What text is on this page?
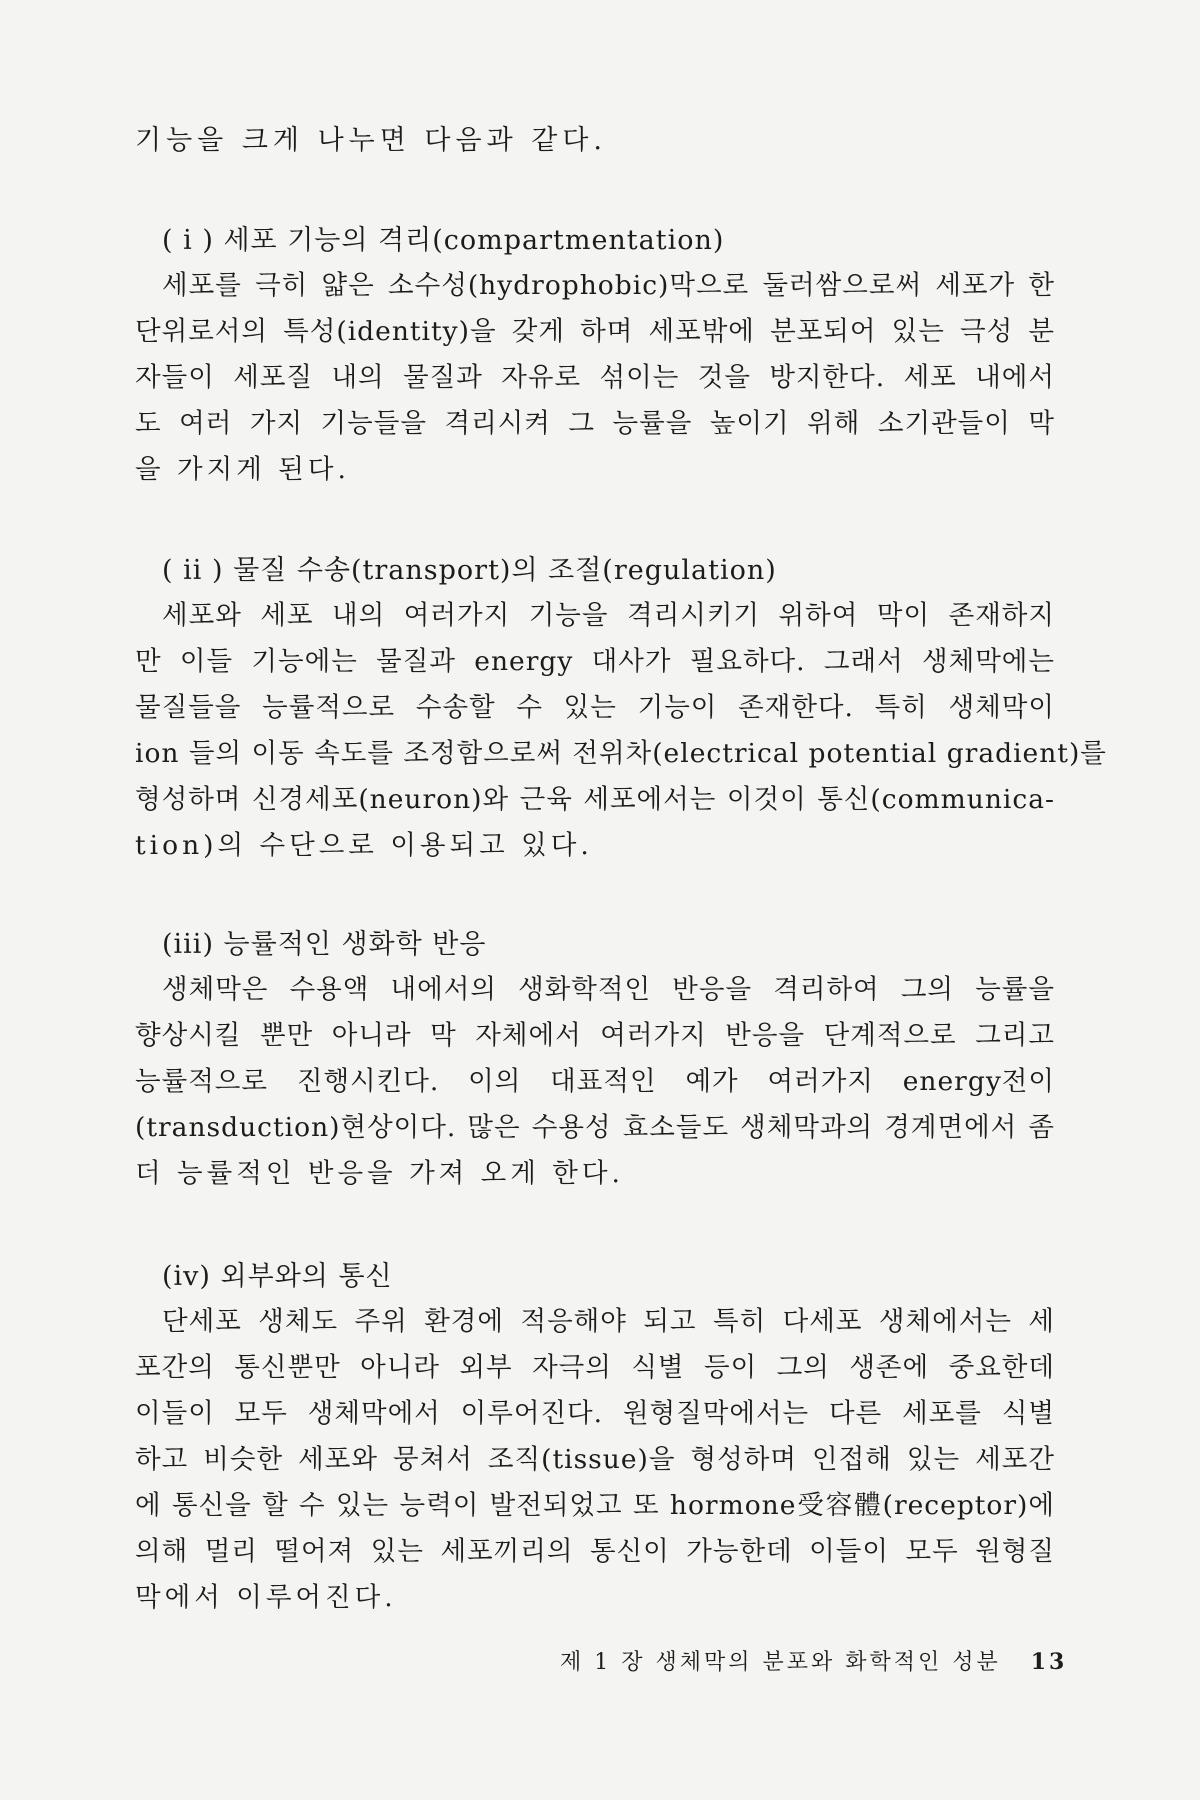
기능을 크게 나누면 다음과 같다.
( i ) 세포 기능의 격리(compartmentation)
세포를 극히 얇은 소수성(hydrophobic)막으로 둘러쌈으로써 세포가 한
단위로서의 특성(identity)을 갖게 하며 세포밖에 분포되어 있는 극성 분
자들이 세포질 내의 물질과 자유로 섞이는 것을 방지한다. 세포 내에서
도 여러 가지 기능들을 격리시켜 그 능률을 높이기 위해 소기관들이 막
을 가지게 된다.
( ii ) 물질 수송(transport)의 조절(regulation)
세포와 세포 내의 여러가지 기능을 격리시키기 위하여 막이 존재하지
만 이들 기능에는 물질과 energy 대사가 필요하다. 그래서 생체막에는
물질들을 능률적으로 수송할 수 있는 기능이 존재한다. 특히 생체막이
ion 들의 이동 속도를 조정함으로써 전위차(electrical potential gradient)를
형성하며 신경세포(neuron)와 근육 세포에서는 이것이 통신(communica-
tion)의 수단으로 이용되고 있다.
(iii) 능률적인 생화학 반응
생체막은 수용액 내에서의 생화학적인 반응을 격리하여 그의 능률을
향상시킬 뿐만 아니라 막 자체에서 여러가지 반응을 단계적으로 그리고
능률적으로 진행시킨다. 이의 대표적인 예가 여러가지 energy전이
(transduction)현상이다. 많은 수용성 효소들도 생체막과의 경계면에서 좀
더 능률적인 반응을 가져 오게 한다.
(iv) 외부와의 통신
단세포 생체도 주위 환경에 적응해야 되고 특히 다세포 생체에서는 세
포간의 통신뿐만 아니라 외부 자극의 식별 등이 그의 생존에 중요한데
이들이 모두 생체막에서 이루어진다. 원형질막에서는 다른 세포를 식별
하고 비슷한 세포와 뭉쳐서 조직(tissue)을 형성하며 인접해 있는 세포간
에 통신을 할 수 있는 능력이 발전되었고 또 hormone受容體(receptor)에
의해 멀리 떨어져 있는 세포끼리의 통신이 가능한데 이들이 모두 원형질
막에서 이루어진다.
제 1 장 생체막의 분포와 화학적인 성분 13
